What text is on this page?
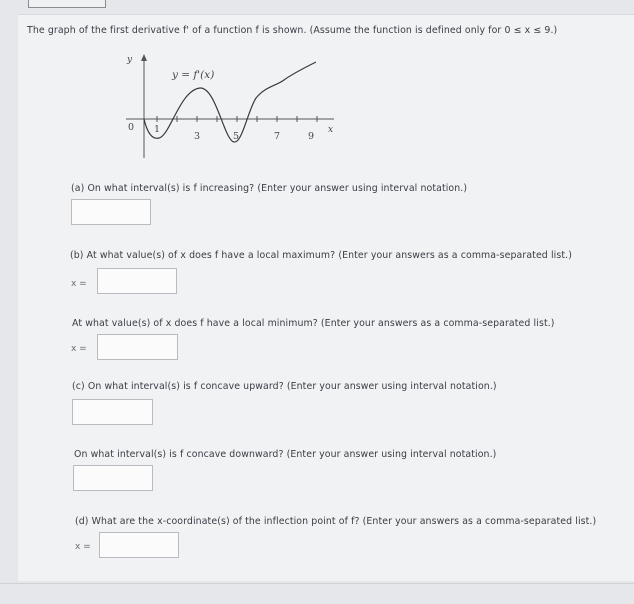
The graph of the first derivative f' of a function f is shown. (Assume the function is defined only for 0 ≤ x ≤ 9.)
y
x
y = f'(x)
0 1
3	5	7	9
(a) On what interval(s) is f increasing? (Enter your answer using interval notation.)
(b) At what value(s) of x does f have a local maximum? (Enter your answers as a comma-separated list.)
x =
At what value(s) of x does f have a local minimum? (Enter your answers as a comma-separated list.)
x =
(c) On what interval(s) is f concave upward? (Enter your answer using interval notation.)
On what interval(s) is f concave downward? (Enter your answer using interval notation.)
(d) What are the x-coordinate(s) of the inflection point of f? (Enter your answers as a comma-separated list.)
x =
